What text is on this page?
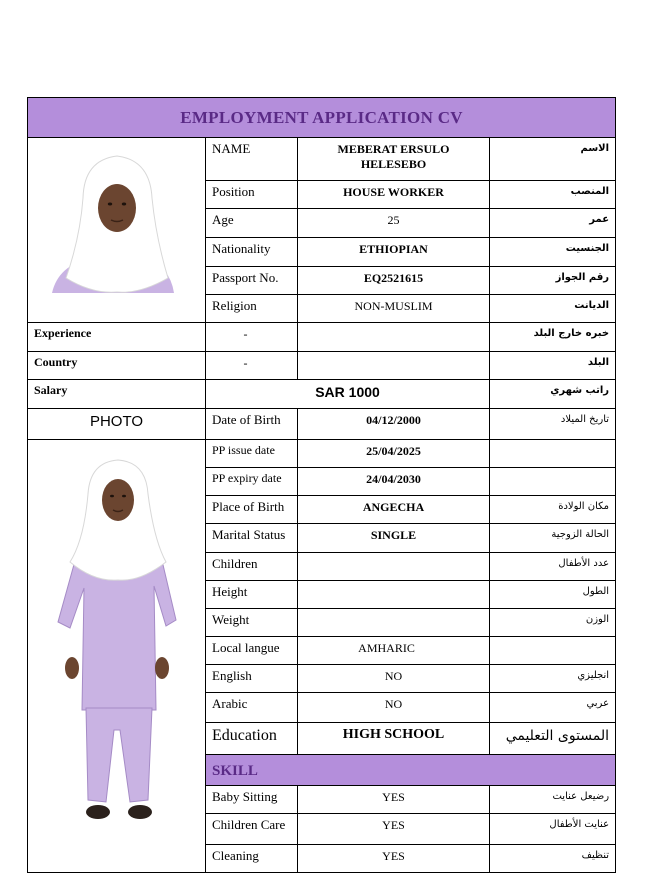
EMPLOYMENT APPLICATION CV			

	NAME	MEBERAT ERSULO HELESEBO	الاسم
	Position	HOUSE WORKER	المنصب
	Age	25	عمر
	Nationality	ETHIOPIAN	الجنسيت
	Passport No.	EQ2521615	رقم الجواز
	Religion	NON-MUSLIM	الديانت
Experience	-		خبره خارج البلد
Country	-		البلد
Salary	SAR 1000		راتب شهري
PHOTO	Date of Birth	04/12/2000	تاريخ الميلاد

	PP issue date	25/04/2025	
	PP expiry date	24/04/2030	
	Place of Birth	ANGECHA	مكان الولادة
	Marital Status	SINGLE	الحالة الزوجية
	Children		عدد الأطفال
	Height		الطول
	Weight		الوزن
	Local langue	AMHARIC	
	English	NO	انجليزي
	Arabic	NO	عربي
	Education	HIGH SCHOOL	المستوى التعليمي
	SKILL		
	Baby Sitting	YES	رضيعل عنايت
	Children Care	YES	عنايت الأطفال
	Cleaning	YES	تنظيف
